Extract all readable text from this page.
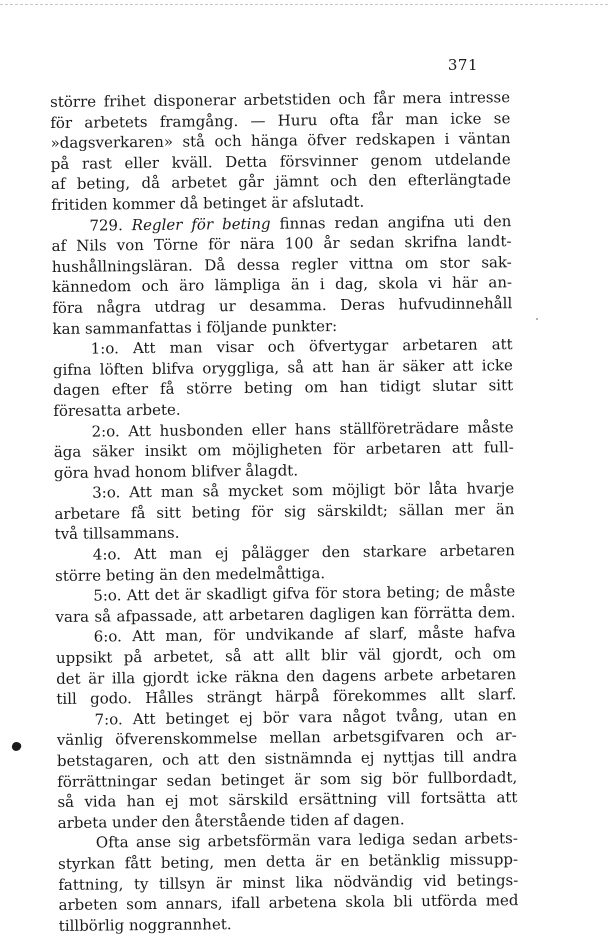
371
större frihet disponerar arbetstiden och får mera intresse
för arbetets framgång. — Huru ofta får man icke se
»dagsverkaren» stå och hänga öfver redskapen i väntan
på rast eller kväll. Detta försvinner genom utdelande
af beting, då arbetet går jämnt och den efterlängtade
fritiden kommer då betinget är afslutadt.
729. Regler för beting finnas redan angifna uti den
af Nils von Törne för nära 100 år sedan skrifna landt-
hushållningsläran. Då dessa regler vittna om stor sak-
kännedom och äro lämpliga än i dag, skola vi här an-
föra några utdrag ur desamma. Deras hufvudinnehåll
kan sammanfattas i följande punkter:
1:o. Att man visar och öfvertygar arbetaren att
gifna löften blifva oryggliga, så att han är säker att icke
dagen efter få större beting om han tidigt slutar sitt
föresatta arbete.
2:o. Att husbonden eller hans ställföreträdare måste
äga säker insikt om möjligheten för arbetaren att full-
göra hvad honom blifver ålagdt.
3:o. Att man så mycket som möjligt bör låta hvarje
arbetare få sitt beting för sig särskildt; sällan mer än
två tillsammans.
4:o. Att man ej pålägger den starkare arbetaren
större beting än den medelmåttiga.
5:o. Att det är skadligt gifva för stora beting; de måste
vara så afpassade, att arbetaren dagligen kan förrätta dem.
6:o. Att man, för undvikande af slarf, måste hafva
uppsikt på arbetet, så att allt blir väl gjordt, och om
det är illa gjordt icke räkna den dagens arbete arbetaren
till godo. Hålles strängt härpå förekommes allt slarf.
7:o. Att betinget ej bör vara något tvång, utan en
vänlig öfverenskommelse mellan arbetsgifvaren och ar-
betstagaren, och att den sistnämnda ej nyttjas till andra
förrättningar sedan betinget är som sig bör fullbordadt,
så vida han ej mot särskild ersättning vill fortsätta att
arbeta under den återstående tiden af dagen.
Ofta anse sig arbetsförmän vara lediga sedan arbets-
styrkan fått beting, men detta är en betänklig missupp-
fattning, ty tillsyn är minst lika nödvändig vid betings-
arbeten som annars, ifall arbetena skola bli utförda med
tillbörlig noggrannhet.
